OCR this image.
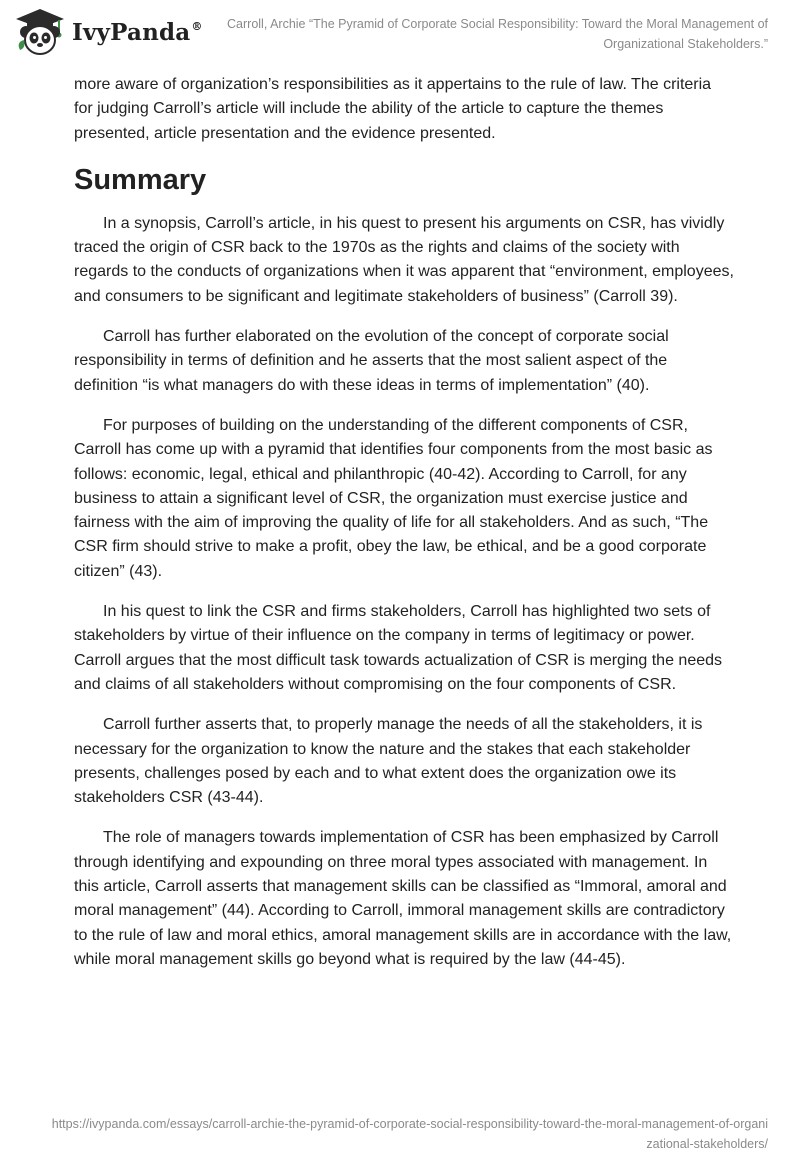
IvyPanda®	Carroll, Archie “The Pyramid of Corporate Social Responsibility: Toward the Moral Management of Organizational Stakeholders.”

more aware of organization’s responsibilities as it appertains to the rule of law. The criteria for judging Carroll’s article will include the ability of the article to capture the themes presented, article presentation and the evidence presented.

Summary

In a synopsis, Carroll’s article, in his quest to present his arguments on CSR, has vividly traced the origin of CSR back to the 1970s as the rights and claims of the society with regards to the conducts of organizations when it was apparent that “environment, employees, and consumers to be significant and legitimate stakeholders of business” (Carroll 39).

Carroll has further elaborated on the evolution of the concept of corporate social responsibility in terms of definition and he asserts that the most salient aspect of the definition “is what managers do with these ideas in terms of implementation” (40).

For purposes of building on the understanding of the different components of CSR, Carroll has come up with a pyramid that identifies four components from the most basic as follows: economic, legal, ethical and philanthropic (40-42). According to Carroll, for any business to attain a significant level of CSR, the organization must exercise justice and fairness with the aim of improving the quality of life for all stakeholders. And as such, “The CSR firm should strive to make a profit, obey the law, be ethical, and be a good corporate citizen” (43).

In his quest to link the CSR and firms stakeholders, Carroll has highlighted two sets of stakeholders by virtue of their influence on the company in terms of legitimacy or power. Carroll argues that the most difficult task towards actualization of CSR is merging the needs and claims of all stakeholders without compromising on the four components of CSR.

Carroll further asserts that, to properly manage the needs of all the stakeholders, it is necessary for the organization to know the nature and the stakes that each stakeholder presents, challenges posed by each and to what extent does the organization owe its stakeholders CSR (43-44).

The role of managers towards implementation of CSR has been emphasized by Carroll through identifying and expounding on three moral types associated with management. In this article, Carroll asserts that management skills can be classified as “Immoral, amoral and moral management” (44). According to Carroll, immoral management skills are contradictory to the rule of law and moral ethics, amoral management skills are in accordance with the law, while moral management skills go beyond what is required by the law (44-45).

https://ivypanda.com/essays/carroll-archie-the-pyramid-of-corporate-social-responsibility-toward-the-moral-management-of-organizational-stakeholders/
